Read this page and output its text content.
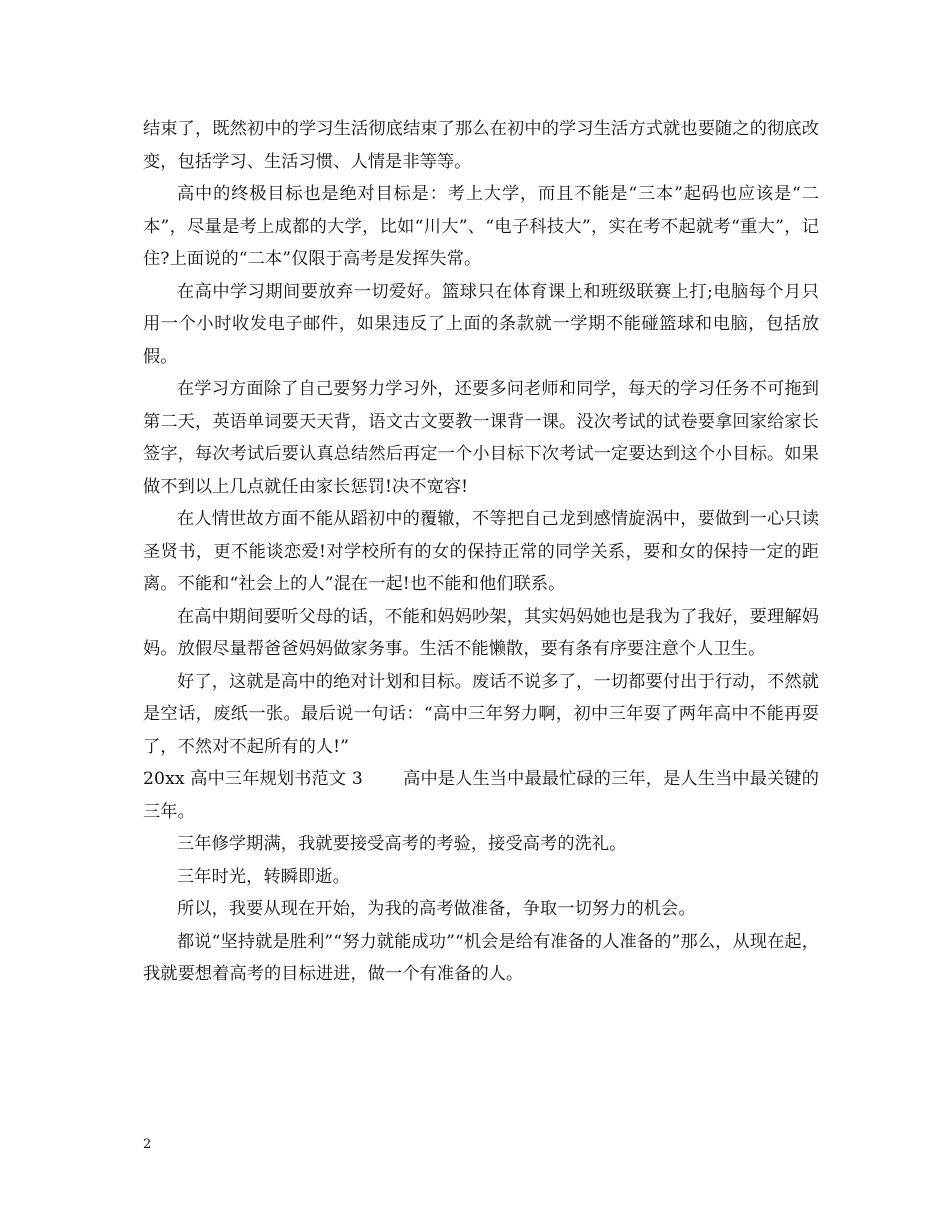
结束了，既然初中的学习生活彻底结束了那么在初中的学习生活方式就也要随之的彻底改变，包括学习、生活习惯、人情是非等等。

高中的终极目标也是绝对目标是：考上大学，而且不能是“三本”起码也应该是“二本”，尽量是考上成都的大学，比如“川大”、“电子科技大”，实在考不起就考“重大”，记住?上面说的“二本”仅限于高考是发挥失常。

在高中学习期间要放弃一切爱好。篮球只在体育课上和班级联赛上打;电脑每个月只用一个小时收发电子邮件，如果违反了上面的条款就一学期不能碰篮球和电脑，包括放假。

在学习方面除了自己要努力学习外，还要多问老师和同学，每天的学习任务不可拖到第二天，英语单词要天天背，语文古文要教一课背一课。没次考试的试卷要拿回家给家长签字，每次考试后要认真总结然后再定一个小目标下次考试一定要达到这个小目标。如果做不到以上几点就任由家长惩罚!决不宽容!

在人情世故方面不能从蹈初中的覆辙，不等把自己龙到感情旋涡中，要做到一心只读圣贤书，更不能谈恋爱!对学校所有的女的保持正常的同学关系，要和女的保持一定的距离。不能和“社会上的人”混在一起!也不能和他们联系。

在高中期间要听父母的话，不能和妈妈吵架，其实妈妈她也是我为了我好，要理解妈妈。放假尽量帮爸爸妈妈做家务事。生活不能懒散，要有条有序要注意个人卫生。

好了，这就是高中的绝对计划和目标。废话不说多了，一切都要付出于行动，不然就是空话，废纸一张。最后说一句话：“高中三年努力啊，初中三年耍了两年高中不能再耍了，不然对不起所有的人!”

20xx 高中三年规划书范文 3　　 高中是人生当中最最忙碌的三年，是人生当中最关键的三年。

三年修学期满，我就要接受高考的考验，接受高考的洗礼。

三年时光，转瞬即逝。

所以，我要从现在开始，为我的高考做准备，争取一切努力的机会。

都说“坚持就是胜利”“努力就能成功”“机会是给有准备的人准备的”那么，从现在起，我就要想着高考的目标进进，做一个有准备的人。

2
